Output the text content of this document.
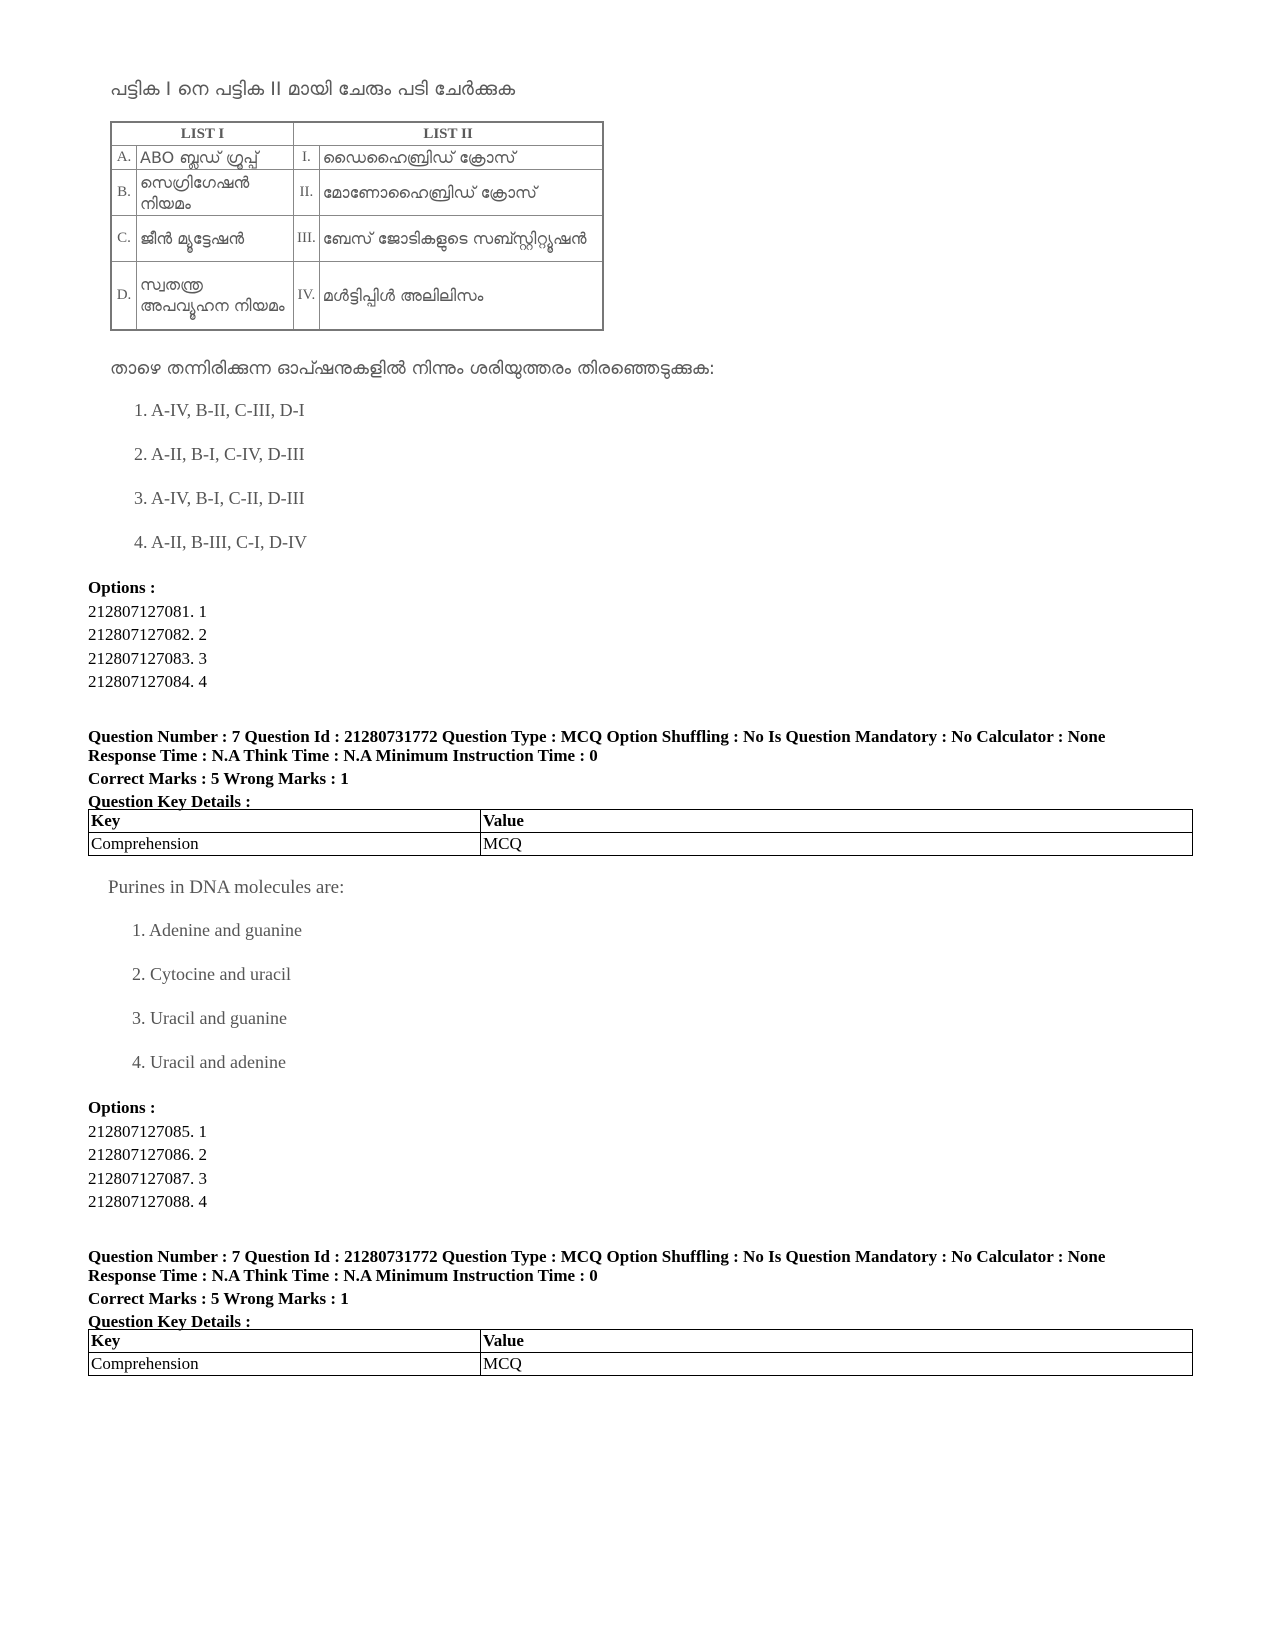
പട്ടിക I നെ പട്ടിക II മായി ചേരും പടി ചേർക്കുക
LIST I		LIST II	
A.	ABO ബ്ലഡ് ഗ്രൂപ്പ്	I.	ഡൈഹൈബ്രിഡ് ക്രോസ്
B.	സെഗ്രിഗേഷൻ നിയമം	II.	മോണോഹൈബ്രിഡ് ക്രോസ്
C.	ജീൻ മ്യൂട്ടേഷൻ	III.	ബേസ് ജോടികളുടെ സബ്സ്റ്റിറ്റ്യൂഷൻ
D.	സ്വതന്ത്ര അപവ്യൂഹന നിയമം	IV.	മൾട്ടിപ്പിൾ അലിലിസം
താഴെ തന്നിരിക്കുന്ന ഓപ്ഷനുകളിൽ നിന്നും ശരിയുത്തരം തിരഞ്ഞെടുക്കുക:
1. A-IV, B-II, C-III, D-I
2. A-II, B-I, C-IV, D-III
3. A-IV, B-I, C-II, D-III
4. A-II, B-III, C-I, D-IV
Options :
212807127081. 1
212807127082. 2
212807127083. 3
212807127084. 4
Question Number : 7 Question Id : 21280731772 Question Type : MCQ Option Shuffling : No Is Question Mandatory : No Calculator : None
Response Time : N.A Think Time : N.A Minimum Instruction Time : 0
Correct Marks : 5 Wrong Marks : 1
Question Key Details :
Key	Value
Comprehension	MCQ
Purines in DNA molecules are:
1. Adenine and guanine
2. Cytocine and uracil
3. Uracil and guanine
4. Uracil and adenine
Options :
212807127085. 1
212807127086. 2
212807127087. 3
212807127088. 4
Question Number : 7 Question Id : 21280731772 Question Type : MCQ Option Shuffling : No Is Question Mandatory : No Calculator : None
Response Time : N.A Think Time : N.A Minimum Instruction Time : 0
Correct Marks : 5 Wrong Marks : 1
Question Key Details :
Key	Value
Comprehension	MCQ
